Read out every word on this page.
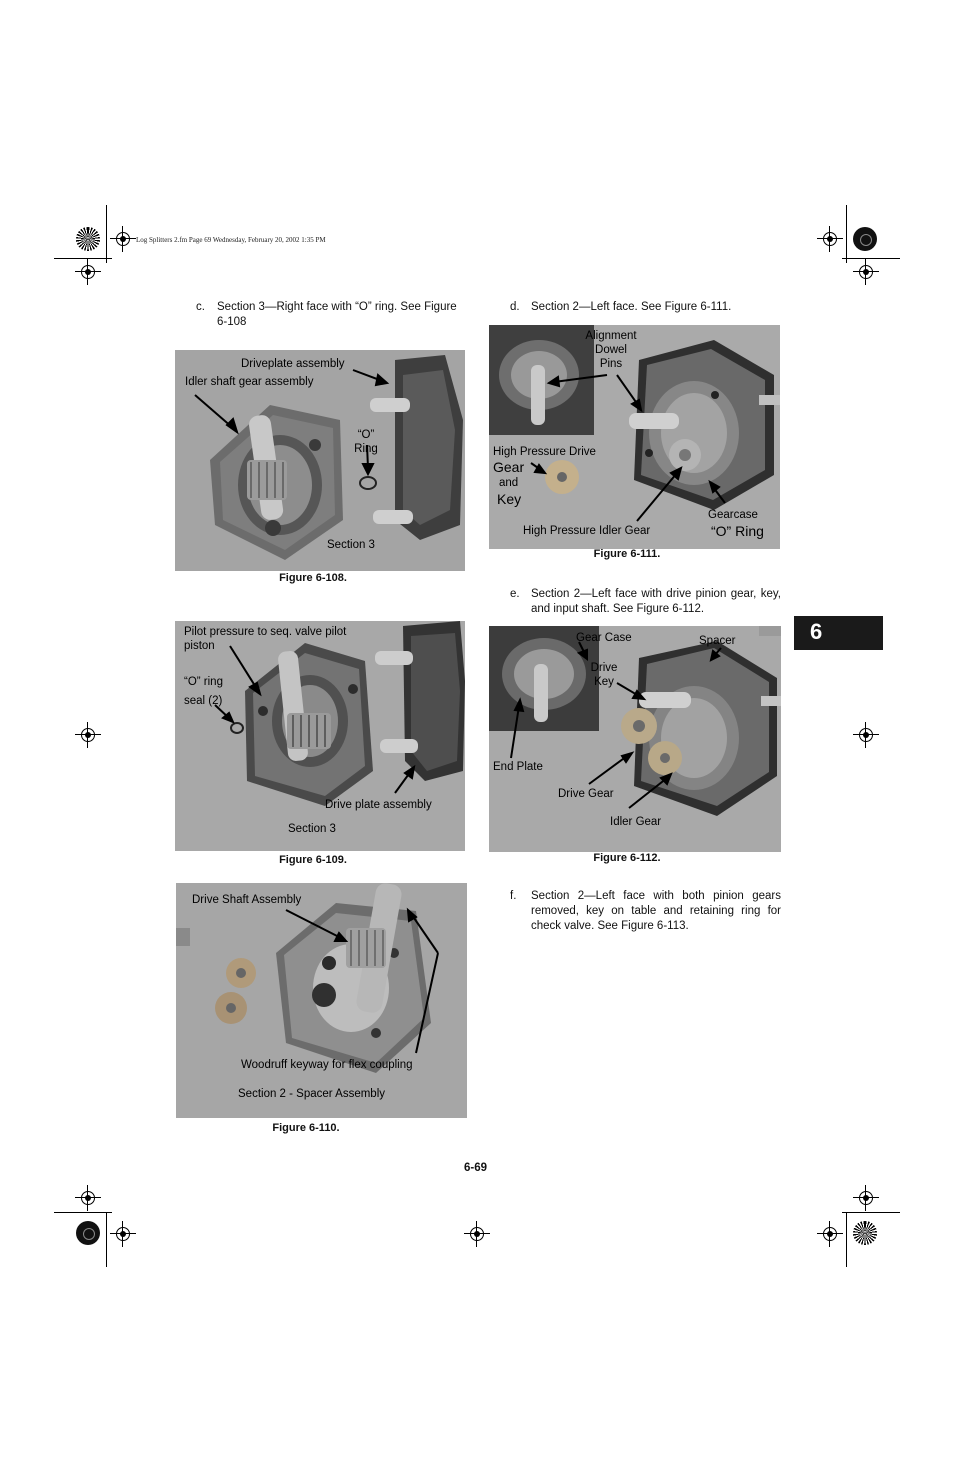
Log Splitters 2.fm Page 69 Wednesday, February 20, 2002 1:35 PM
6
c. Section 3—Right face with “O” ring. See Figure 6-108
Driveplate assembly
Idler shaft gear assembly
“O” Ring
Section 3
Figure 6-108.
Pilot pressure to seq. valve pilot piston
“O” ring seal (2)
Drive plate assembly
Section 3
Figure 6-109.
Drive Shaft Assembly
Woodruff keyway for flex coupling
Section 2 - Spacer Assembly
Figure 6-110.
d. Section 2—Left face. See Figure 6-111.
Alignment Dowel Pins
High Pressure Drive
Gear
and
Key
Gearcase
“O” Ring
High Pressure Idler Gear
Figure 6-111.
e. Section 2—Left face with drive pinion gear, key, and input shaft. See Figure 6-112.
Gear Case	Spacer
Drive Key
End Plate
Drive Gear
Idler Gear
Figure 6-112.
f. Section 2—Left face with both pinion gears removed, key on table and retaining ring for check valve. See Figure 6-113.
6-69
